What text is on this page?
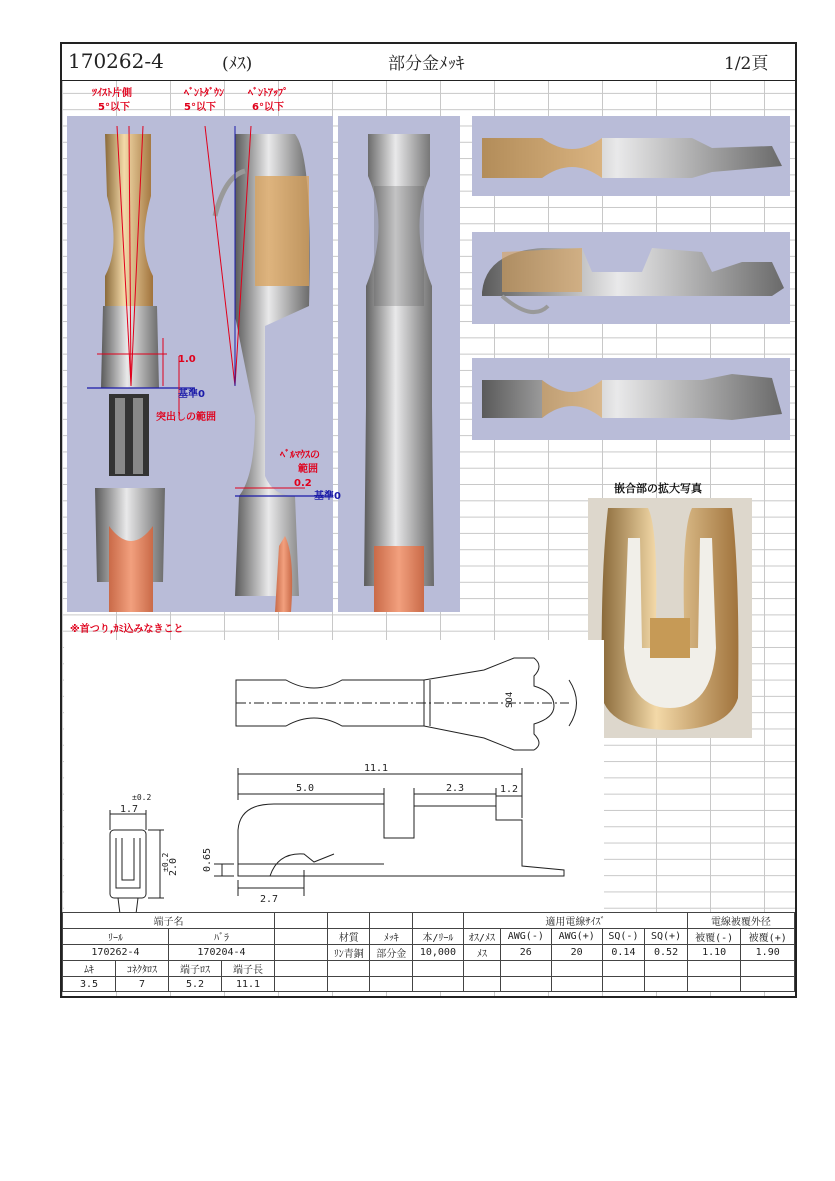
170262-4	(ﾒｽ)	部分金ﾒｯｷ	1/2頁
ﾂｲｽﾄ片側
5°以下
ﾍﾞﾝﾄﾀﾞｳﾝ
5°以下
ﾍﾞﾝﾄｱｯﾌﾟ
6°以下
1.0
基準0
突出しの範囲
ﾍﾞﾙﾏｳｽの
範囲
0.2
基準0
※首つり,ｶﾐ込みなきこと
嵌合部の拡大写真
SO4
11.1
5.0	2.3	1.2
2.7
0.65
1.7
±0.2
2.0
±0.2
端子名								適用電線ｻｲｽﾞ					電線被覆外径	
ﾘｰﾙ		ﾊﾞﾗ			材質	ﾒｯｷ	本/ﾘｰﾙ	ｵｽ/ﾒｽ	AWG(-)	AWG(+)	SQ(-)	SQ(+)	被覆(-)	被覆(+)
170262-4		170204-4			ﾘﾝ青銅	部分金	10,000	ﾒｽ	26	20	0.14	0.52	1.10	1.90
ﾑｷ	ｺﾈｸﾀﾛｽ	端子ﾛｽ	端子長											
3.5	7	5.2	11.1											
